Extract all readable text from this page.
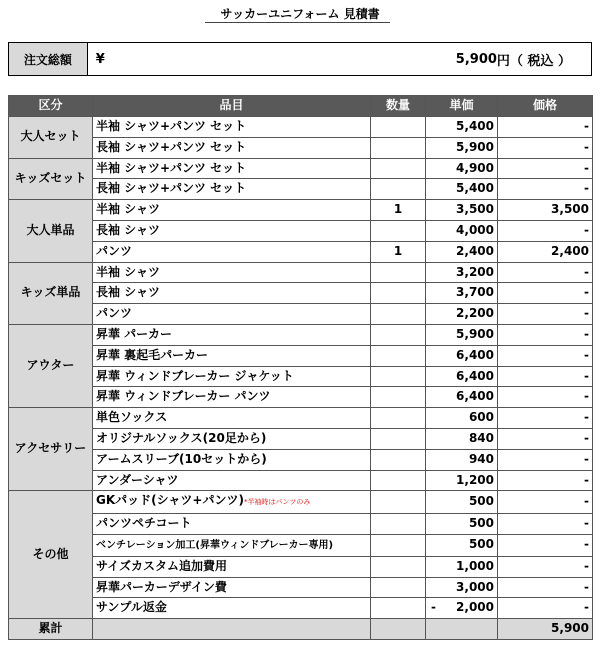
サッカーユニフォーム 見積書
注文総額	¥	5,900 円 （ 税込 ）
区分	品目	数量	単価	価格
大人セット	半袖 シャツ+パンツ セット		5,400	-
	長袖 シャツ+パンツ セット		5,900	-
キッズセット	半袖 シャツ+パンツ セット		4,900	-
	長袖 シャツ+パンツ セット		5,400	-
大人単品	半袖 シャツ	1	3,500	3,500
	長袖 シャツ		4,000	-
	パンツ	1	2,400	2,400
キッズ単品	半袖 シャツ		3,200	-
	長袖 シャツ		3,700	-
	パンツ		2,200	-
アウター	昇華 パーカー		5,900	-
	昇華 裏起毛パーカー		6,400	-
	昇華 ウィンドブレーカー ジャケット		6,400	-
	昇華 ウィンドブレーカー パンツ		6,400	-
アクセサリー	単色ソックス		600	-
	オリジナルソックス(20足から)		840	-
	アームスリーブ(10セットから)		940	-
	アンダーシャツ		1,200	-
その他	GKパッド(シャツ+パンツ)*半袖時はパンツのみ		500	-
	パンツペチコート		500	-
	ベンチレーション加工(昇華ウィンドブレーカー専用)		500	-
	サイズカスタム追加費用		1,000	-
	昇華パーカーデザイン費		3,000	-
	サンプル返金		- 2,000	-
累計				5,900
